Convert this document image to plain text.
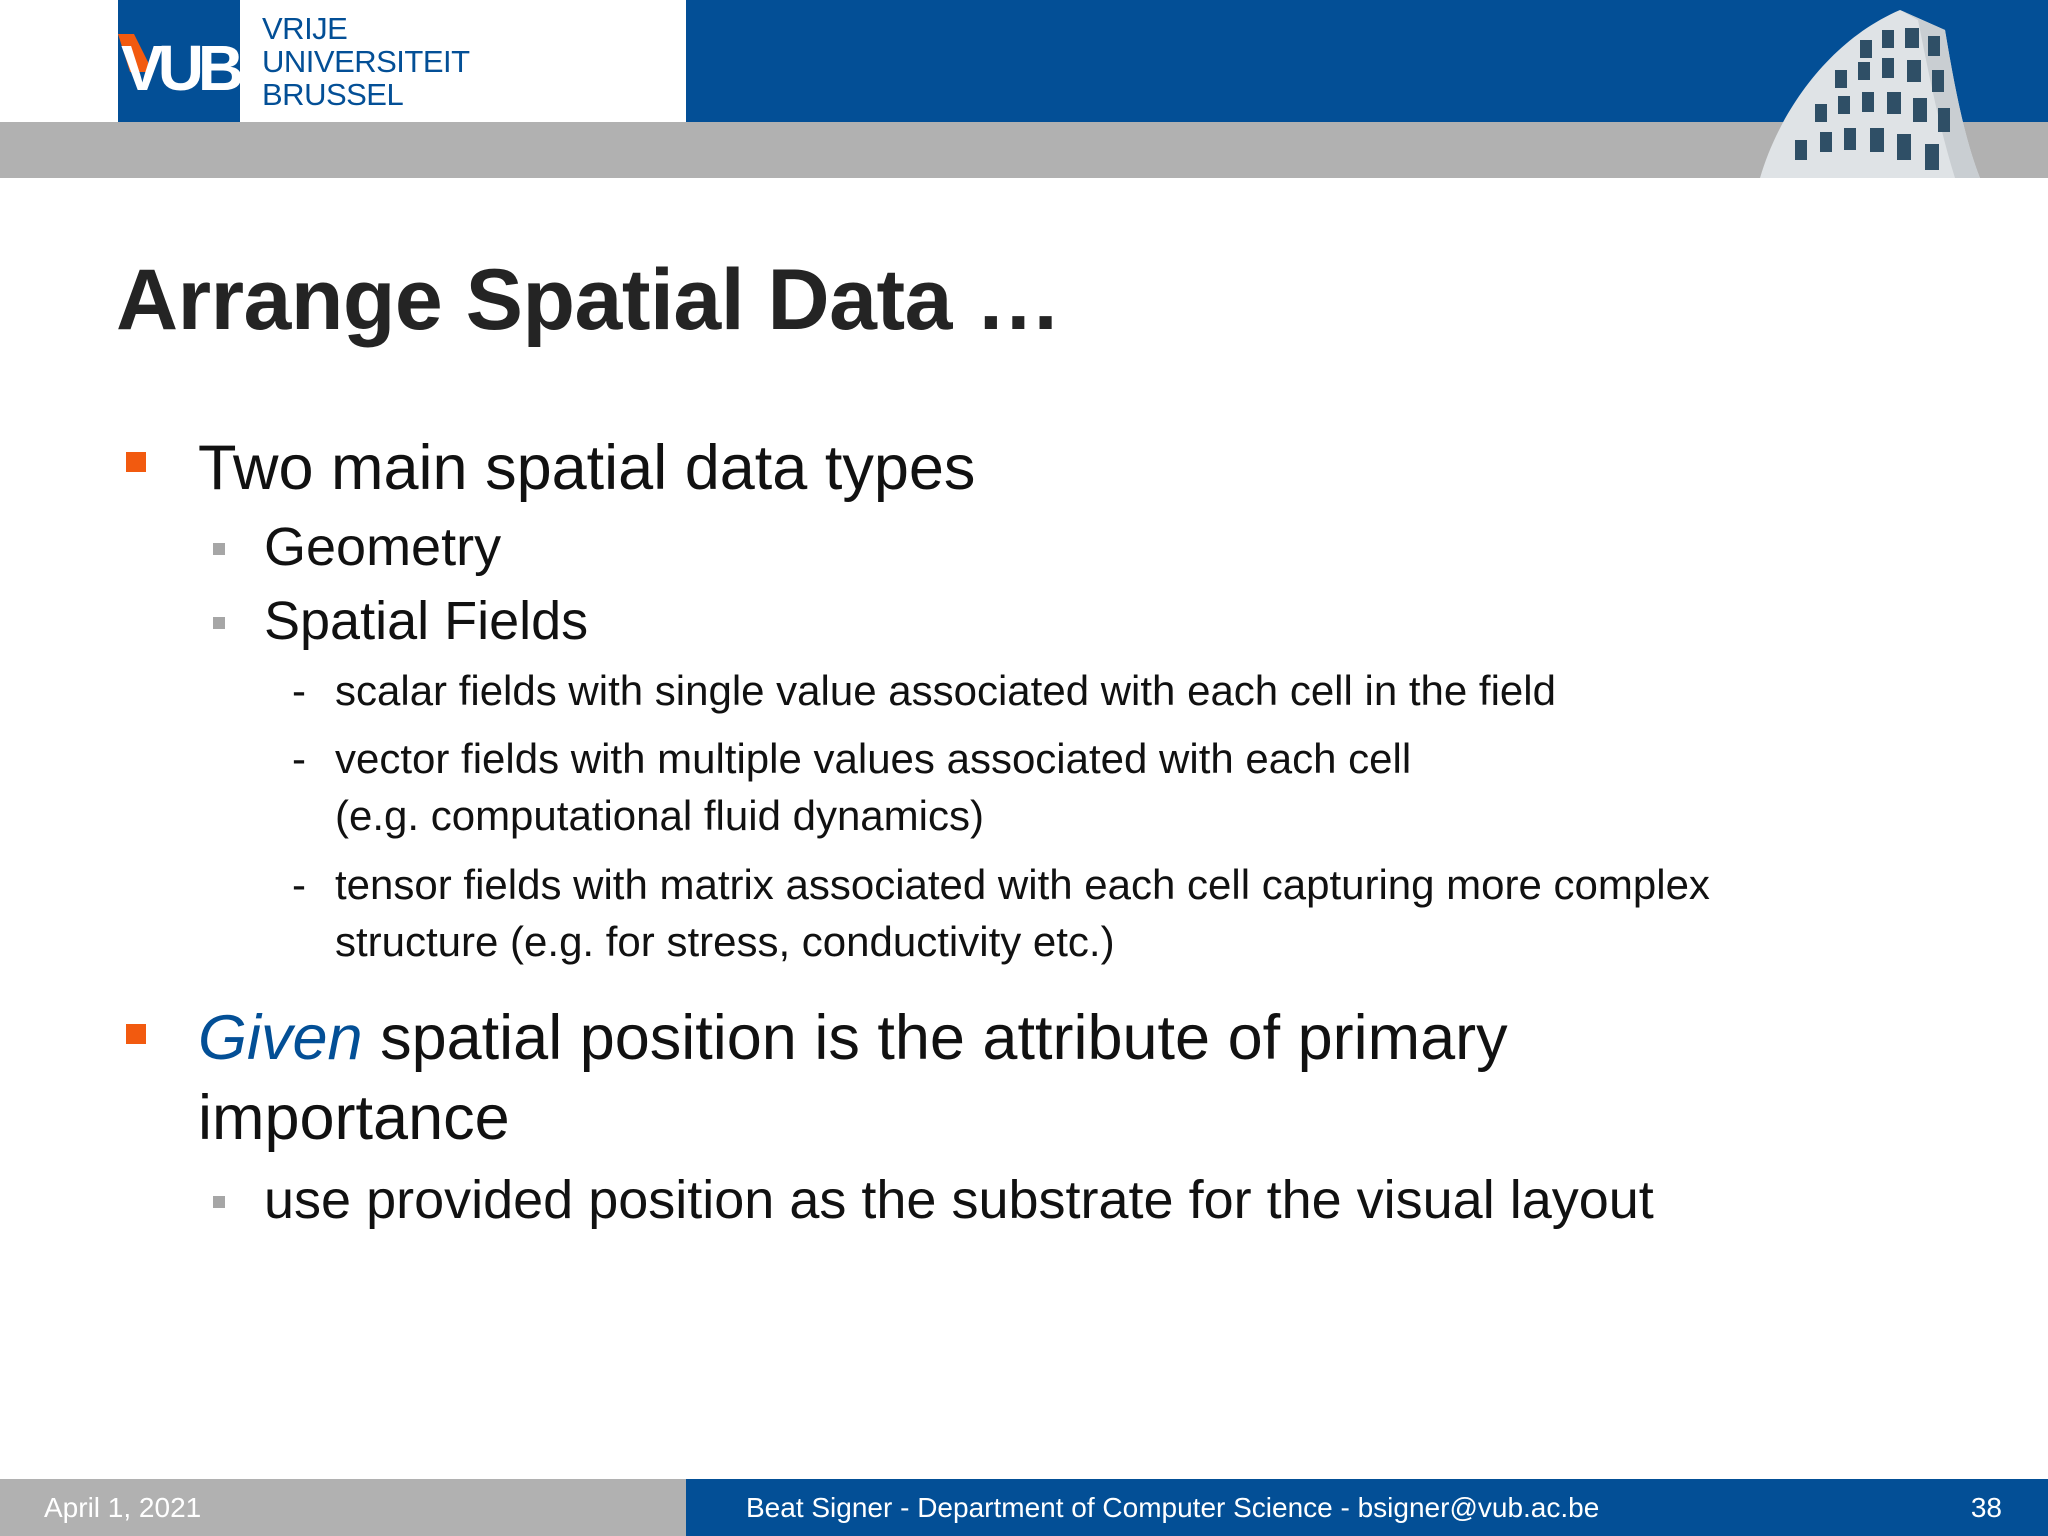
VUB
VRIJE
UNIVERSITEIT
BRUSSEL
Arrange Spatial Data …
Two main spatial data types
Geometry
Spatial Fields
- scalar fields with single value associated with each cell in the field
- vector fields with multiple values associated with each cell
(e.g. computational fluid dynamics)
- tensor fields with matrix associated with each cell capturing more complex
structure (e.g. for stress, conductivity etc.)
Given spatial position is the attribute of primary
importance
use provided position as the substrate for the visual layout
April 1, 2021	Beat Signer - Department of Computer Science - bsigner@vub.ac.be	38
